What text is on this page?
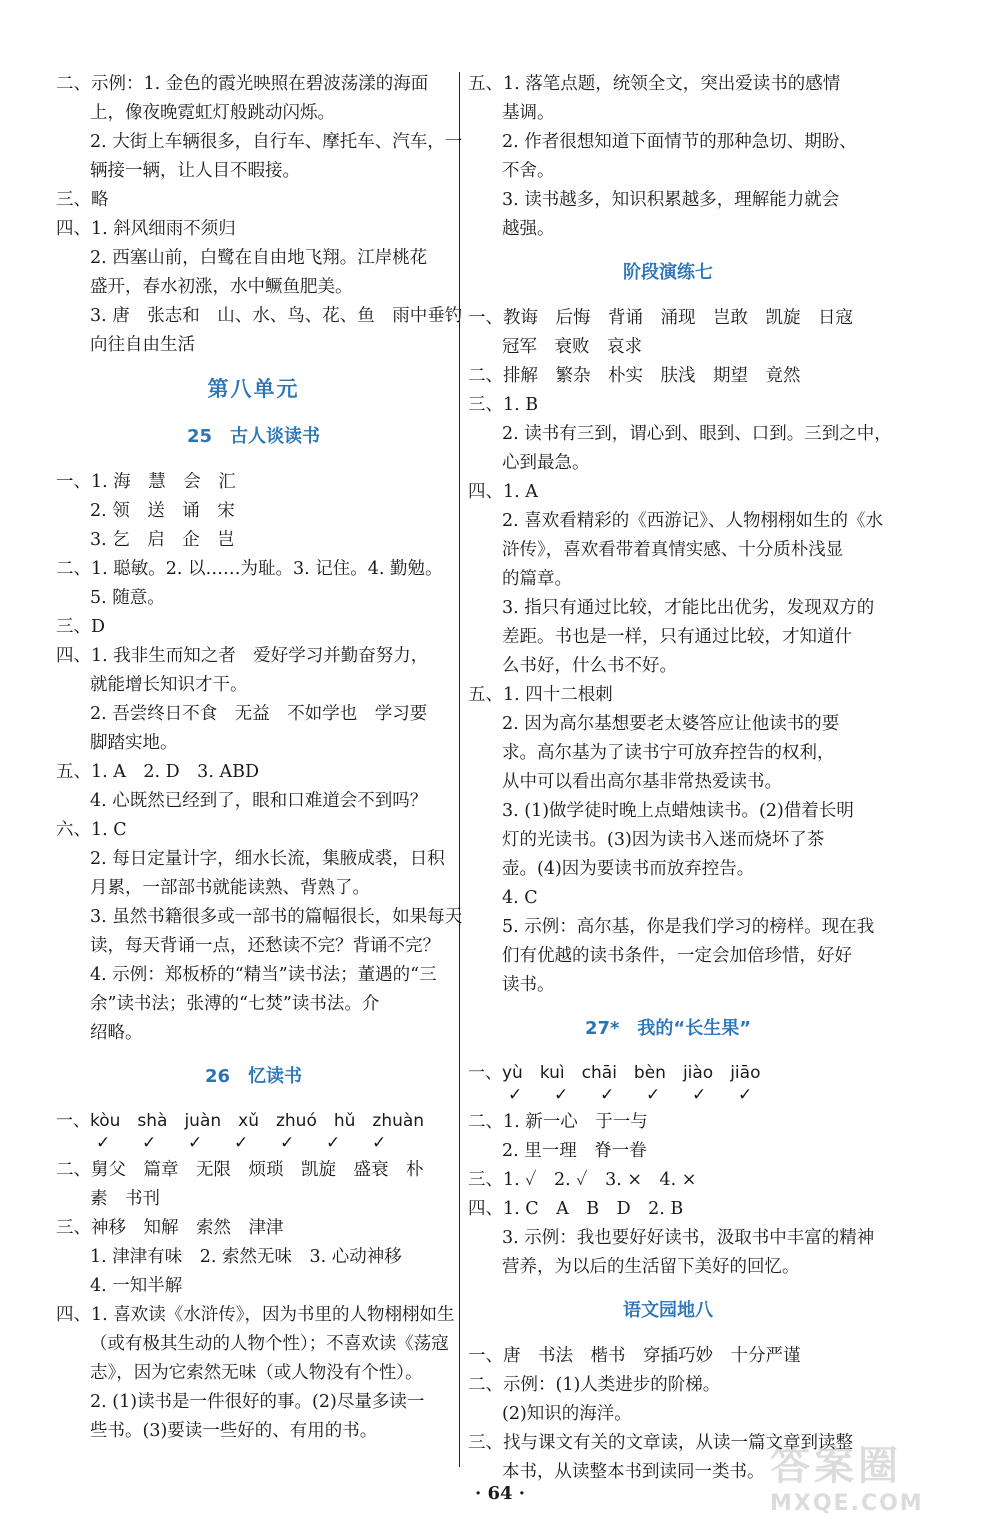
二、示例：1. 金色的霞光映照在碧波荡漾的海面
上，像夜晚霓虹灯般跳动闪烁。
2. 大街上车辆很多，自行车、摩托车、汽车，一
辆接一辆，让人目不暇接。
三、略
四、1. 斜风细雨不须归
2. 西塞山前，白鹭在自由地飞翔。江岸桃花
盛开，春水初涨，水中鳜鱼肥美。
3. 唐　张志和　山、水、鸟、花、鱼　雨中垂钓
向往自由生活
第八单元
25　古人谈读书
一、1. 海　慧　会　汇
2. 领　送　诵　宋
3. 乞　启　企　岂
二、1. 聪敏。2. 以……为耻。3. 记住。4. 勤勉。
5. 随意。
三、D
四、1. 我非生而知之者　爱好学习并勤奋努力，
就能增长知识才干。
2. 吾尝终日不食　无益　不如学也　学习要
脚踏实地。
五、1. A　2. D　3. ABD
4. 心既然已经到了，眼和口难道会不到吗？
六、1. C
2. 每日定量计字，细水长流，集腋成裘，日积
月累，一部部书就能读熟、背熟了。
3. 虽然书籍很多或一部书的篇幅很长，如果每天
读，每天背诵一点，还愁读不完？背诵不完？
4. 示例：郑板桥的“精当”读书法；董遇的“三
余”读书法；张溥的“七焚”读书法。介
绍略。
26　忆读书
一、kòu　shà　juàn　xǔ　zhuó　hǔ　zhuàn
✓ ✓ ✓ ✓ ✓ ✓ ✓
二、舅父　篇章　无限　烦琐　凯旋　盛衰　朴
素　书刊
三、神移　知解　索然　津津
1. 津津有味　2. 索然无味　3. 心动神移
4. 一知半解
四、1. 喜欢读《水浒传》，因为书里的人物栩栩如生
（或有极其生动的人物个性）；不喜欢读《荡寇
志》，因为它索然无味（或人物没有个性）。
2. (1)读书是一件很好的事。(2)尽量多读一
些书。(3)要读一些好的、有用的书。
五、1. 落笔点题，统领全文，突出爱读书的感情
基调。
2. 作者很想知道下面情节的那种急切、期盼、
不舍。
3. 读书越多，知识积累越多，理解能力就会
越强。
阶段演练七
一、教诲　后悔　背诵　涌现　岂敢　凯旋　日寇
冠军　衰败　哀求
二、排解　繁杂　朴实　肤浅　期望　竟然
三、1. B
2. 读书有三到，谓心到、眼到、口到。三到之中，
心到最急。
四、1. A
2. 喜欢看精彩的《西游记》、人物栩栩如生的《水
浒传》，喜欢看带着真情实感、十分质朴浅显
的篇章。
3. 指只有通过比较，才能比出优劣，发现双方的
差距。书也是一样，只有通过比较，才知道什
么书好，什么书不好。
五、1. 四十二根刺
2. 因为高尔基想要老太婆答应让他读书的要
求。高尔基为了读书宁可放弃控告的权利，
从中可以看出高尔基非常热爱读书。
3. (1)做学徒时晚上点蜡烛读书。(2)借着长明
灯的光读书。(3)因为读书入迷而烧坏了茶
壶。(4)因为要读书而放弃控告。
4. C
5. 示例：高尔基，你是我们学习的榜样。现在我
们有优越的读书条件，一定会加倍珍惜，好好
读书。
27*　我的“长生果”
一、yù　kuì　chāi　bèn　jiào　jiāo
✓ ✓ ✓ ✓ ✓ ✓
二、1. 新一心　于一与
2. 里一理　脊一眷
三、1. ✓　2. ✓　3. ×　4. ×
四、1. C　A　B　D　2. B
3. 示例：我也要好好读书，汲取书中丰富的精神
营养，为以后的生活留下美好的回忆。
语文园地八
一、唐　书法　楷书　穿插巧妙　十分严谨
二、示例：(1)人类进步的阶梯。
(2)知识的海洋。
三、找与课文有关的文章读，从读一篇文章到读整
本书，从读整本书到读同一类书。
· 64 ·
答案圈
MXQE.COM
